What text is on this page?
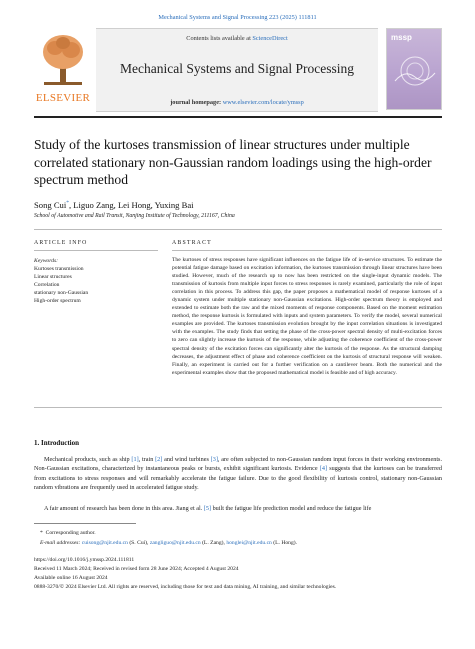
Mechanical Systems and Signal Processing 223 (2025) 111811
ELSEVIER
Contents lists available at ScienceDirect
Mechanical Systems and Signal Processing
journal homepage: www.elsevier.com/locate/ymssp
mssp
Study of the kurtoses transmission of linear structures under multiple correlated stationary non-Gaussian random loadings using the high-order spectrum method
Song Cui*, Liguo Zang, Lei Hong, Yuxing Bai
School of Automotive and Rail Transit, Nanjing Institute of Technology, 211167, China
ARTICLE INFO	ABSTRACT
Keywords:
Kurtoses transmission
Linear structures
Correlation
stationary non-Gaussian
High-order spectrum
The kurtoses of stress responses have significant influences on the fatigue life of in-service structures. To estimate the potential fatigue damage based on excitation information, the kurtoses transmission through linear structures have been studied. However, much of the research up to now has been restricted on the single-input dynamic models. The transmission of kurtosis from multiple input forces to stress responses is rarely examined, particularly the role of input correlation in this process. To address this gap, the paper proposes a mathematical model of response kurtoses of a dynamic system under multiple stationary non-Gaussian excitations. High-order spectrum theory is employed and extended to estimate both the raw and the mixed moments of response components. Based on the moment estimation method, the response kurtosis is formulated with inputs and system parameters. To verify the model, several numerical examples are provided. The kurtoses transmission evolution brought by the input correlation situations is investigated with the examples. The study finds that setting the phase of the cross-power spectral density of multi-excitation forces to zero can slightly increase the kurtosis of the response, while adjusting the coherence coefficient of the cross-power spectral density of the excitation forces can significantly alter the kurtosis of the response. As the structural damping decreases, the adjustment effect of phase and coherence coefficient on the kurtosis of structural response will weaken. Finally, an experiment is carried out for a further verification on a cantilever beam. Both the numerical and the experimental examples show that the proposed mathematical model is feasible and of high accuracy.
1. Introduction
Mechanical products, such as ship [1], train [2] and wind turbines [3], are often subjected to non-Gaussian random input forces in their working environments. Non-Gaussian excitations, characterized by instantaneous peaks or bursts, exhibit significant kurtosis. Evidence [4] suggests that the kurtoses can be transferred from excitations to stress responses and will remarkably accelerate the fatigue failure. Due to the good flexibility of kurtosis control, stationary non-Gaussian random vibrations are frequently used in accelerated fatigue study.
A fair amount of research has been done in this area. Jiang et al. [5] built the fatigue life prediction model and reduce the fatigue life
*  Corresponding author.
E-mail addresses: cuisong@njit.edu.cn (S. Cui), zangliguo@njit.edu.cn (L. Zang), honglei@njit.edu.cn (L. Hong).
https://doi.org/10.1016/j.ymssp.2024.111811
Received 11 March 2024; Received in revised form 28 June 2024; Accepted 4 August 2024
Available online 16 August 2024
0888-3270/© 2024 Elsevier Ltd. All rights are reserved, including those for text and data mining, AI training, and similar technologies.
